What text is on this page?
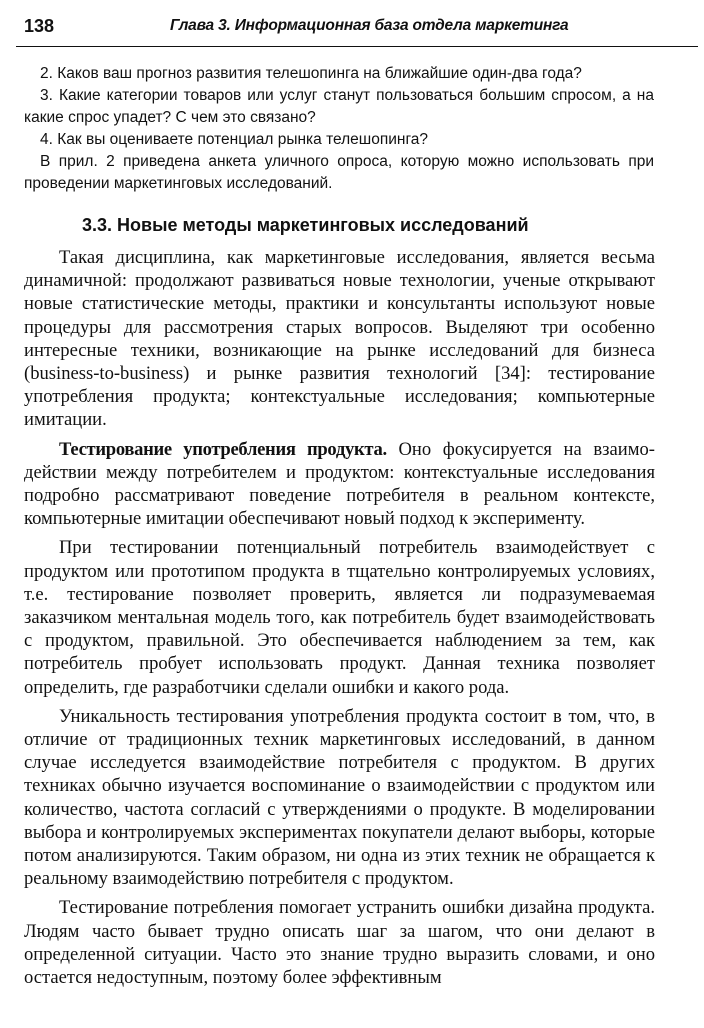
138	Глава 3. Информационная база отдела маркетинга

2. Каков ваш прогноз развития телешопинга на ближайшие один-два года?

3. Какие категории товаров или услуг станут пользоваться большим спросом, а на какие спрос упадет? С чем это связано?

4. Как вы оцениваете потенциал рынка телешопинга?

В прил. 2 приведена анкета уличного опроса, которую можно использовать при проведении маркетинговых исследований.

3.3. Новые методы маркетинговых исследований

Такая дисциплина, как маркетинговые исследования, является весьма динамичной: продолжают развиваться новые технологии, ученые открывают новые статистические методы, практики и консультанты используют новые процедуры для рассмотрения старых вопросов. Выделяют три особенно интересные техники, возникающие на рынке исследований для бизнеса (business-to-business) и рынке развития технологий [34]: тестирование употребления продукта; контекстуальные исследования; компьютерные имитации.

Тестирование употребления продукта. Оно фокусируется на взаимодействии между потребителем и продуктом: контекстуальные исследования подробно рассматривают поведение потребителя в реальном контексте, компьютерные имитации обеспечивают новый подход к эксперименту.

При тестировании потенциальный потребитель взаимодействует с продуктом или прототипом продукта в тщательно контролируемых условиях, т.е. тестирование позволяет проверить, является ли подразумеваемая заказчиком ментальная модель того, как потребитель будет взаимодействовать с продуктом, правильной. Это обеспечивается наблюдением за тем, как потребитель пробует использовать продукт. Данная техника позволяет определить, где разработчики сделали ошибки и какого рода.

Уникальность тестирования употребления продукта состоит в том, что, в отличие от традиционных техник маркетинговых исследований, в данном случае исследуется взаимодействие потребителя с продуктом. В других техниках обычно изучается воспоминание о взаимодействии с продуктом или количество, частота согласий с утверждениями о продукте. В моделировании выбора и контролируемых экспериментах покупатели делают выборы, которые потом анализируются. Таким образом, ни одна из этих техник не обращается к реальному взаимодействию потребителя с продуктом.

Тестирование потребления помогает устранить ошибки дизайна продукта. Людям часто бывает трудно описать шаг за шагом, что они делают в определенной ситуации. Часто это знание трудно выразить словами, и оно остается недоступным, поэтому более эффективным
